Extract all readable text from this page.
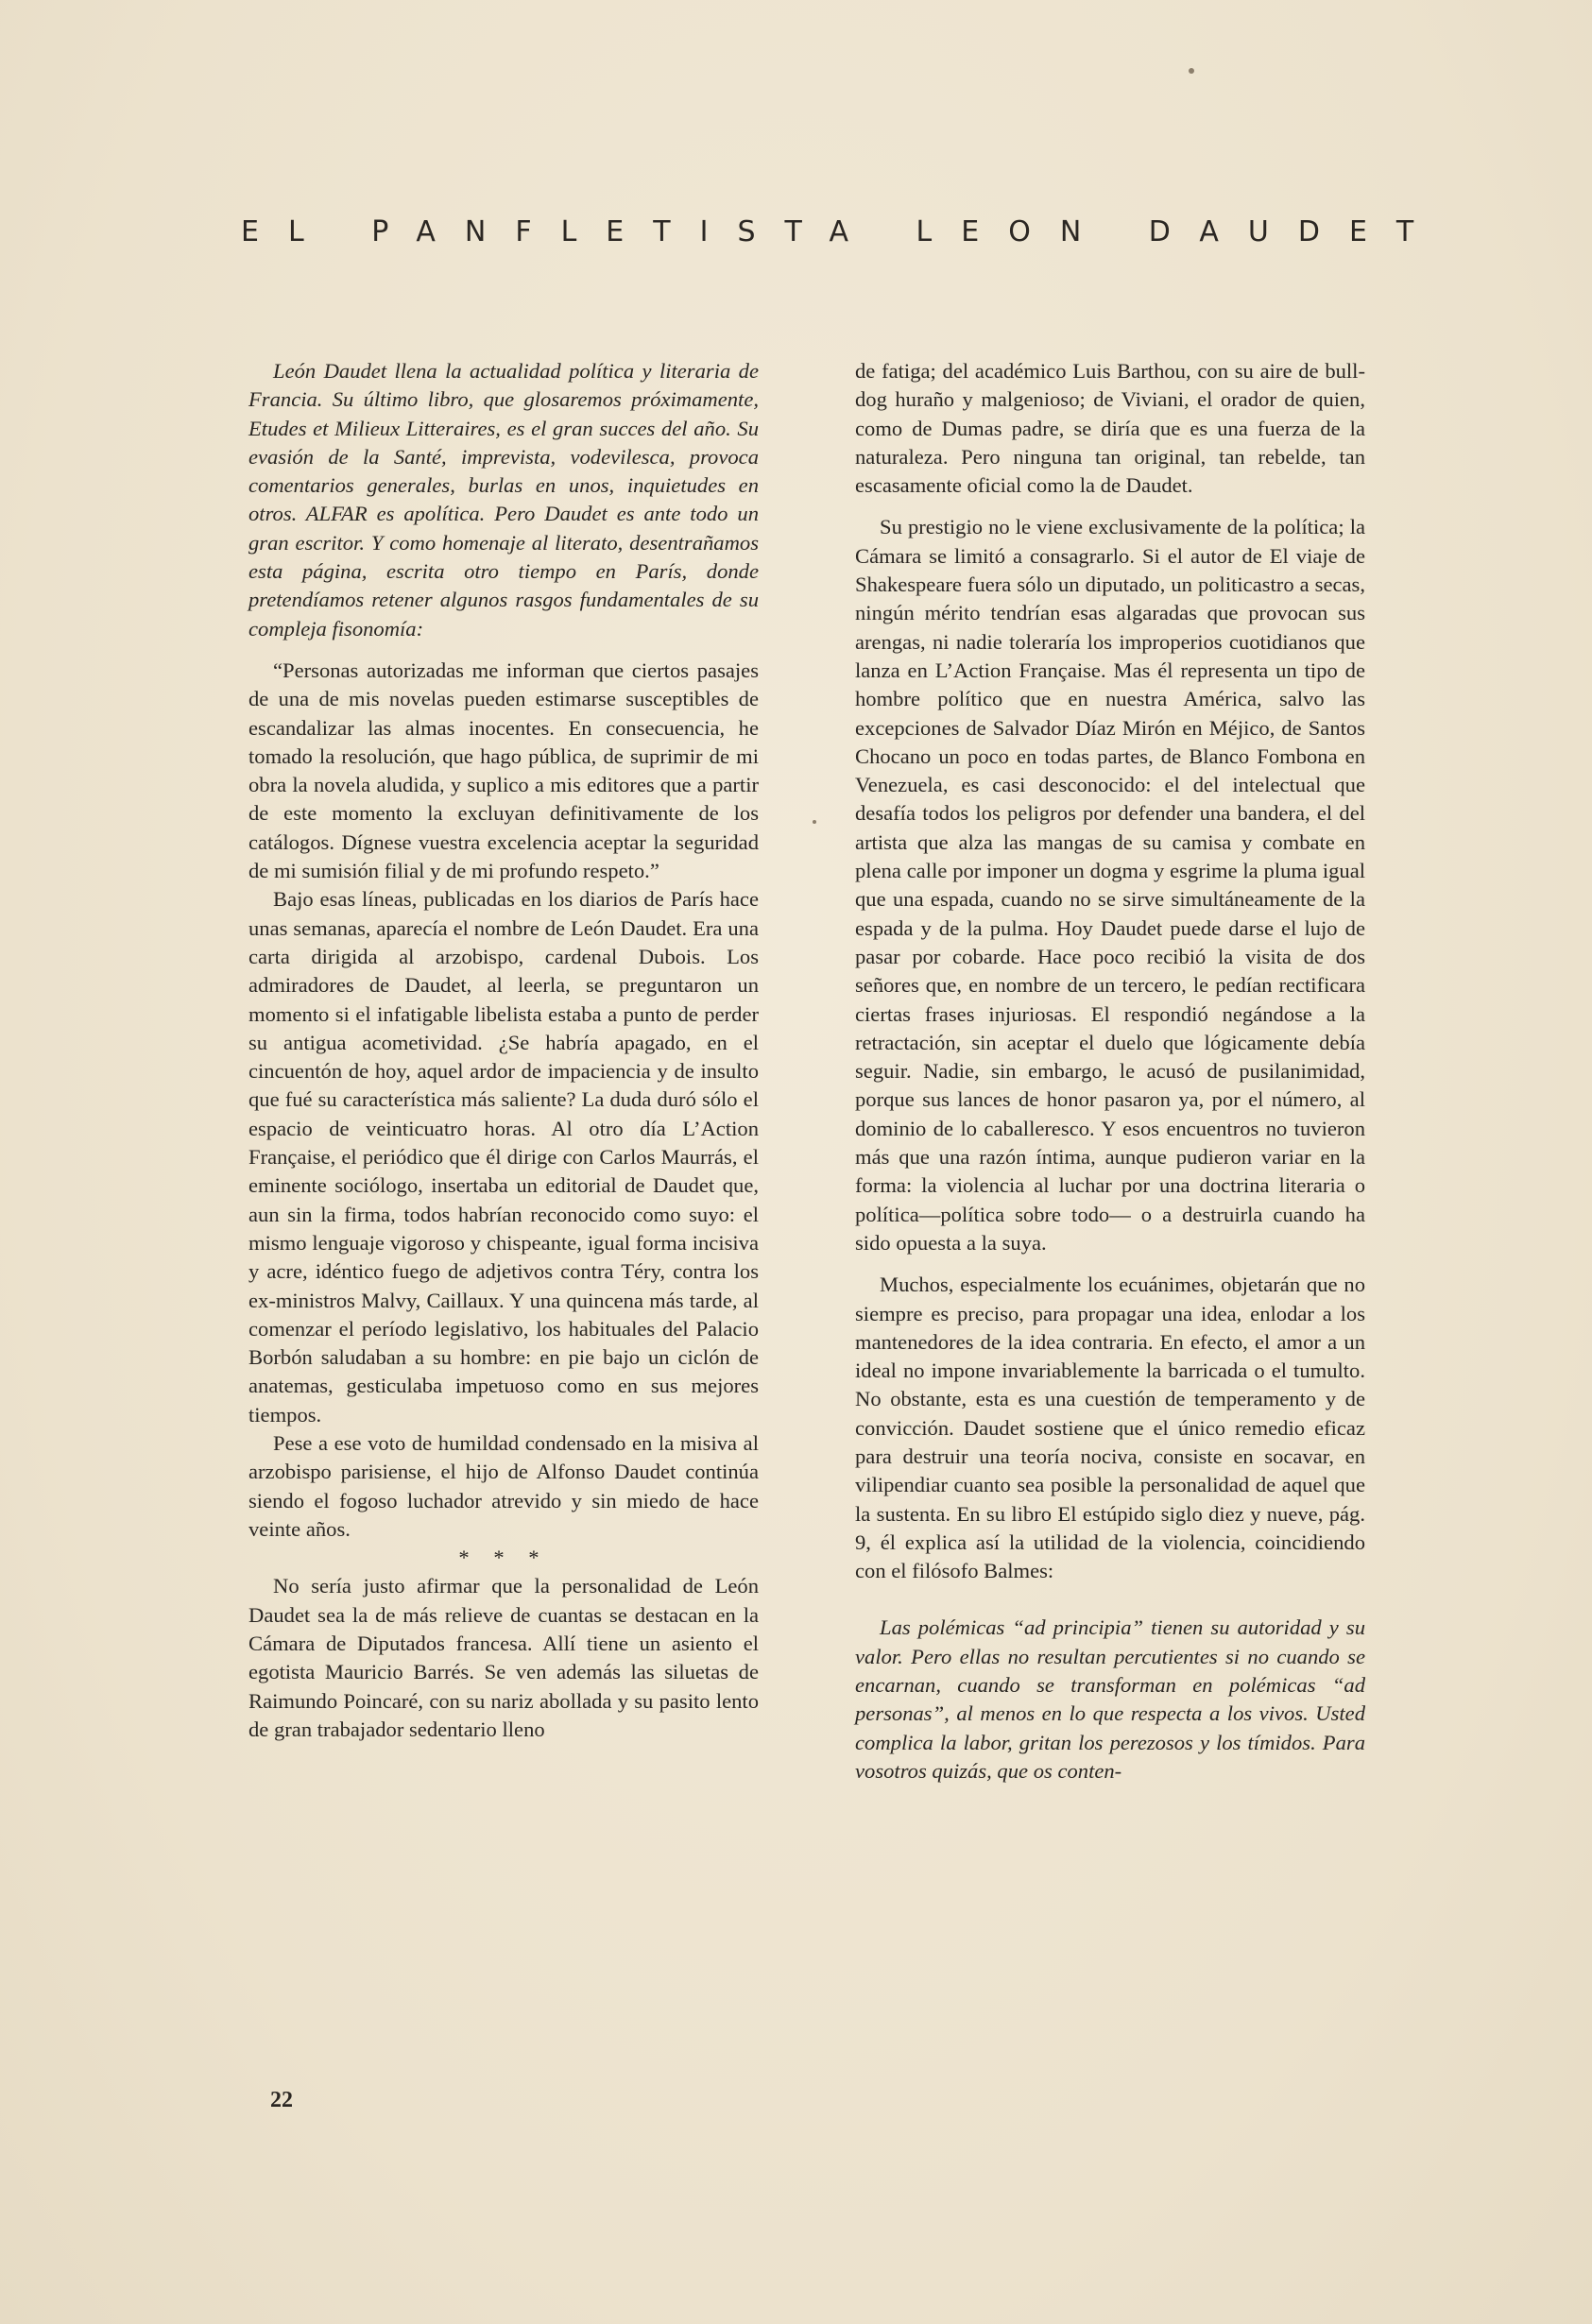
EL PANFLETISTA LEON DAUDET

León Daudet llena la actualidad política y literaria de Francia. Su último libro, que glosaremos próximamente, Etudes et Milieux Litteraires, es el gran succes del año. Su evasión de la Santé, imprevista, vodevilesca, provoca comentarios generales, burlas en unos, inquietudes en otros. ALFAR es apolítica. Pero Daudet es ante todo un gran escritor. Y como homenaje al literato, desentrañamos esta página, escrita otro tiempo en París, donde pretendíamos retener algunos rasgos fundamentales de su compleja fisonomía:

“Personas autorizadas me informan que ciertos pasajes de una de mis novelas pueden estimarse susceptibles de escandalizar las almas inocentes. En consecuencia, he tomado la resolución, que hago pública, de suprimir de mi obra la novela aludida, y suplico a mis editores que a partir de este momento la excluyan definitivamente de los catálogos. Dígnese vuestra excelencia aceptar la seguridad de mi sumisión filial y de mi profundo respeto.”

Bajo esas líneas, publicadas en los diarios de París hace unas semanas, aparecía el nombre de León Daudet. Era una carta dirigida al arzobispo, cardenal Dubois. Los admiradores de Daudet, al leerla, se preguntaron un momento si el infatigable libelista estaba a punto de perder su antigua acometividad. ¿Se habría apagado, en el cincuentón de hoy, aquel ardor de impaciencia y de insulto que fué su característica más saliente? La duda duró sólo el espacio de veinticuatro horas. Al otro día L’Action Française, el periódico que él dirige con Carlos Maurrás, el eminente sociólogo, insertaba un editorial de Daudet que, aun sin la firma, todos habrían reconocido como suyo: el mismo lenguaje vigoroso y chispeante, igual forma incisiva y acre, idéntico fuego de adjetivos contra Téry, contra los ex-ministros Malvy, Caillaux. Y una quincena más tarde, al comenzar el período legislativo, los habituales del Palacio Borbón saludaban a su hombre: en pie bajo un ciclón de anatemas, gesticulaba impetuoso como en sus mejores tiempos.

Pese a ese voto de humildad condensado en la misiva al arzobispo parisiense, el hijo de Alfonso Daudet continúa siendo el fogoso luchador atrevido y sin miedo de hace veinte años.

* * *

No sería justo afirmar que la personalidad de León Daudet sea la de más relieve de cuantas se destacan en la Cámara de Diputados francesa. Allí tiene un asiento el egotista Mauricio Barrés. Se ven además las siluetas de Raimundo Poincaré, con su nariz abollada y su pasito lento de gran trabajador sedentario lleno

de fatiga; del académico Luis Barthou, con su aire de bull-dog huraño y malgenioso; de Viviani, el orador de quien, como de Dumas padre, se diría que es una fuerza de la naturaleza. Pero ninguna tan original, tan rebelde, tan escasamente oficial como la de Daudet.

Su prestigio no le viene exclusivamente de la política; la Cámara se limitó a consagrarlo. Si el autor de El viaje de Shakespeare fuera sólo un diputado, un politicastro a secas, ningún mérito tendrían esas algaradas que provocan sus arengas, ni nadie toleraría los improperios cuotidianos que lanza en L’Action Française. Mas él representa un tipo de hombre político que en nuestra América, salvo las excepciones de Salvador Díaz Mirón en Méjico, de Santos Chocano un poco en todas partes, de Blanco Fombona en Venezuela, es casi desconocido: el del intelectual que desafía todos los peligros por defender una bandera, el del artista que alza las mangas de su camisa y combate en plena calle por imponer un dogma y esgrime la pluma igual que una espada, cuando no se sirve simultáneamente de la espada y de la pulma. Hoy Daudet puede darse el lujo de pasar por cobarde. Hace poco recibió la visita de dos señores que, en nombre de un tercero, le pedían rectificara ciertas frases injuriosas. El respondió negándose a la retractación, sin aceptar el duelo que lógicamente debía seguir. Nadie, sin embargo, le acusó de pusilanimidad, porque sus lances de honor pasaron ya, por el número, al dominio de lo caballeresco. Y esos encuentros no tuvieron más que una razón íntima, aunque pudieron variar en la forma: la violencia al luchar por una doctrina literaria o política—política sobre todo— o a destruirla cuando ha sido opuesta a la suya.

Muchos, especialmente los ecuánimes, objetarán que no siempre es preciso, para propagar una idea, enlodar a los mantenedores de la idea contraria. En efecto, el amor a un ideal no impone invariablemente la barricada o el tumulto. No obstante, esta es una cuestión de temperamento y de convicción. Daudet sostiene que el único remedio eficaz para destruir una teoría nociva, consiste en socavar, en vilipendiar cuanto sea posible la personalidad de aquel que la sustenta. En su libro El estúpido siglo diez y nueve, pág. 9, él explica así la utilidad de la violencia, coincidiendo con el filósofo Balmes:

Las polémicas “ad principia” tienen su autoridad y su valor. Pero ellas no resultan percutientes si no cuando se encarnan, cuando se transforman en polémicas “ad personas”, al menos en lo que respecta a los vivos. Usted complica la labor, gritan los perezosos y los tímidos. Para vosotros quizás, que os conten-

22
